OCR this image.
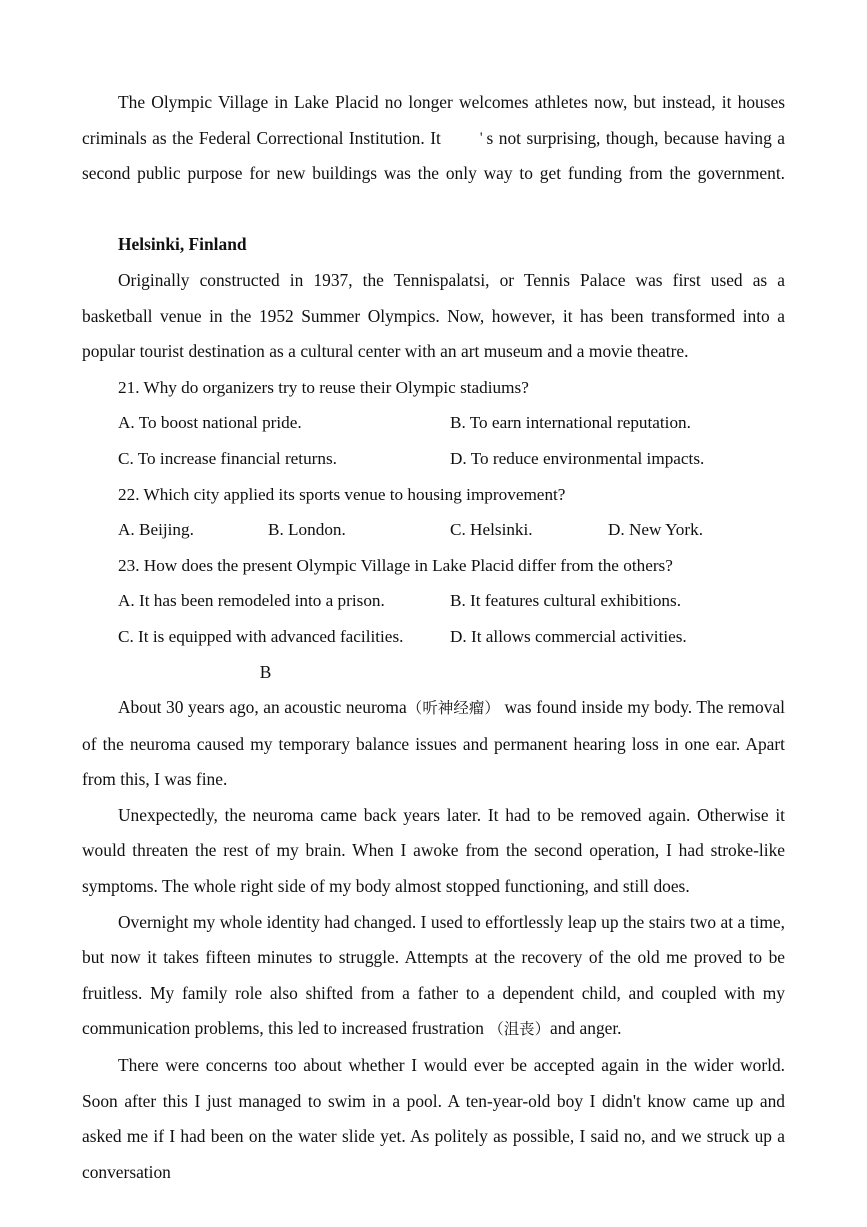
The Olympic Village in Lake Placid no longer welcomes athletes now, but instead, it houses criminals as the Federal Correctional Institution. It	' s not surprising, though, because having a second public purpose for new buildings was the only way to get funding from the government.

Helsinki, Finland

Originally constructed in 1937, the Tennispalatsi, or Tennis Palace was first used as a basketball venue in the 1952 Summer Olympics. Now, however, it has been transformed into a popular tourist destination as a cultural center with an art museum and a movie theatre.

21. Why do organizers try to reuse their Olympic stadiums?

A. To boost national pride.	B. To earn international reputation.
C. To increase financial returns.	D. To reduce environmental impacts.

22. Which city applied its sports venue to housing improvement?

A. Beijing.	B. London.	C. Helsinki.	D. New York.

23. How does the present Olympic Village in Lake Placid differ from the others?

A. It has been remodeled into a prison.	B. It features cultural exhibitions.
C. It is equipped with advanced facilities.	D. It allows commercial activities.

B

About 30 years ago, an acoustic neuroma（听神经瘤） was found inside my body. The removal of the neuroma caused my temporary balance issues and permanent hearing loss in one ear. Apart from this, I was fine.

Unexpectedly, the neuroma came back years later. It had to be removed again. Otherwise it would threaten the rest of my brain. When I awoke from the second operation, I had stroke-like symptoms. The whole right side of my body almost stopped functioning, and still does.

Overnight my whole identity had changed. I used to effortlessly leap up the stairs two at a time, but now it takes fifteen minutes to struggle. Attempts at the recovery of the old me proved to be fruitless. My family role also shifted from a father to a dependent child, and coupled with my communication problems, this led to increased frustration （沮丧）and anger.

There were concerns too about whether I would ever be accepted again in the wider world. Soon after this I just managed to swim in a pool. A ten-year-old boy I didn't know came up and asked me if I had been on the water slide yet. As politely as possible, I said no, and we struck up a conversation
